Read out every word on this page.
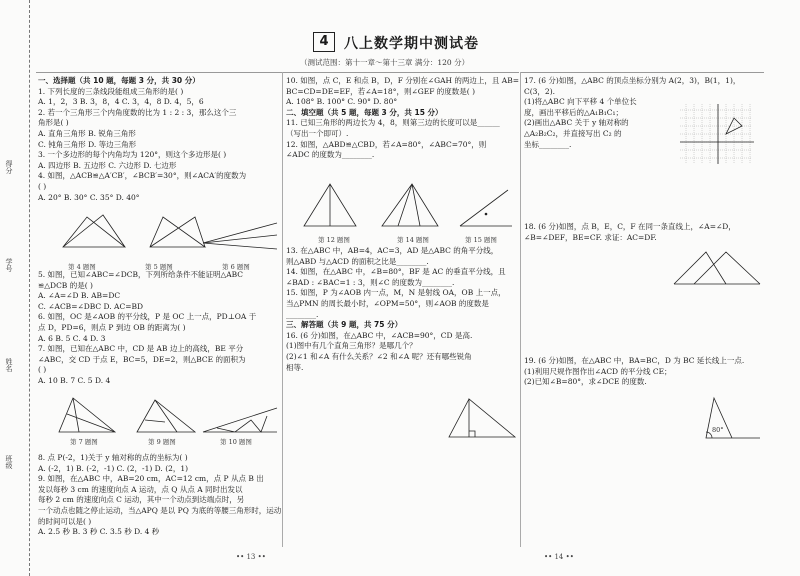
得分
学号
姓名
班级
4	八上数学期中测试卷
（测试范围：第十一章～第十三章 满分：120 分）

一、选择题（共 10 题，每题 3 分，共 30 分）

1. 下列长度的三条线段能组成三角形的是( )

A. 1，2，3 B. 3，8，4 C. 3，4，8 D. 4，5，6

2. 若一个三角形三个内角度数的比为 1 : 2 : 3，那么这个三

角形是( )

A. 直角三角形 B. 锐角三角形

C. 钝角三角形 D. 等边三角形

3. 一个多边形的每个内角均为 120°，则这个多边形是( )

A. 四边形 B. 五边形 C. 六边形 D. 七边形

4. 如图，△ACB≌△A′CB′，∠BCB′=30°，则∠ACA′的度数为

( )

A. 20° B. 30° C. 35° D. 40°

第 4 题图	第 5 题图	第 6 题图

5. 如图，已知∠ABC=∠DCB，下列所给条件不能证明△ABC

≌△DCB 的是( )

A. ∠A=∠D B. AB=DC

C. ∠ACB=∠DBC D. AC=BD

6. 如图，OC 是∠AOB 的平分线，P 是 OC 上一点，PD⊥OA 于

点 D，PD=6，则点 P 到边 OB 的距离为( )

A. 6 B. 5 C. 4 D. 3

7. 如图，已知在△ABC 中，CD 是 AB 边上的高线，BE 平分

∠ABC，交 CD 于点 E，BC=5，DE=2，则△BCE 的面积为

( )

A. 10 B. 7 C. 5 D. 4

第 7 题图	第 9 题图	第 10 题图

8. 点 P(-2，1)关于 y 轴对称的点的坐标为( )

A. (-2，1) B. (-2，-1) C. (2，-1) D. (2，1)

9. 如图，在△ABC 中，AB=20 cm，AC=12 cm，点 P 从点 B 出

发以每秒 3 cm 的速度向点 A 运动，点 Q 从点 A 同时出发以

每秒 2 cm 的速度向点 C 运动，其中一个动点到达端点时，另

一个动点也随之停止运动，当△APQ 是以 PQ 为底的等腰三角形时，运动

的时间可以是( )

A. 2.5 秒 B. 3 秒 C. 3.5 秒 D. 4 秒

10. 如图，点 C，E 和点 B，D，F 分别在∠GAH 的两边上，且 AB=

BC=CD=DE=EF，若∠A=18°，则∠GEF 的度数是( )

A. 108° B. 100° C. 90° D. 80°

二、填空题（共 5 题，每题 3 分，共 15 分）

11. 已知三角形的两边长为 4，8，则第三边的长度可以是______

（写出一个即可）.

12. 如图，△ABD≌△CBD，若∠A=80°，∠ABC=70°，则

∠ADC 的度数为________.

第 12 题图	第 14 题图	第 15 题图

13. 在△ABC 中，AB=4，AC=3，AD 是△ABC 的角平分线，

则△ABD 与△ACD 的面积之比是________.

14. 如图，在△ABC 中，∠B=80°，BF 是 AC 的垂直平分线，且

∠BAD : ∠BAC=1 : 3，则∠C 的度数为________.

15. 如图，P 为∠AOB 内一点，M，N 是射线 OA，OB 上一点，

当△PMN 的周长最小时，∠OPM=50°，则∠AOB 的度数是

________.

三、解答题（共 9 题，共 75 分）

16. (6 分)如图，在△ABC 中，∠ACB=90°，CD 是高.

(1)图中有几个直角三角形？是哪几个？

(2)∠1 和∠A 有什么关系？∠2 和∠A 呢？还有哪些锐角

相等.

17. (6 分)如图，△ABC 的顶点坐标分别为 A(2，3)，B(1，1)，

C(3，2).

(1)将△ABC 向下平移 4 个单位长

度，画出平移后的△A₁B₁C₁；

(2)画出△ABC 关于 y 轴对称的

△A₂B₂C₂，并直接写出 C₂ 的

坐标________.

18. (6 分)如图，点 B，E，C，F 在同一条直线上，∠A=∠D，

∠B=∠DEF，BE=CF. 求证：AC=DF.

19. (6 分)如图，在△ABC 中，BA=BC，D 为 BC 延长线上一点.

(1)利用尺规作图作出∠ACD 的平分线 CE；

(2)已知∠B=80°，求∠DCE 的度数.

80°
•• 13 ••	•• 14 ••
